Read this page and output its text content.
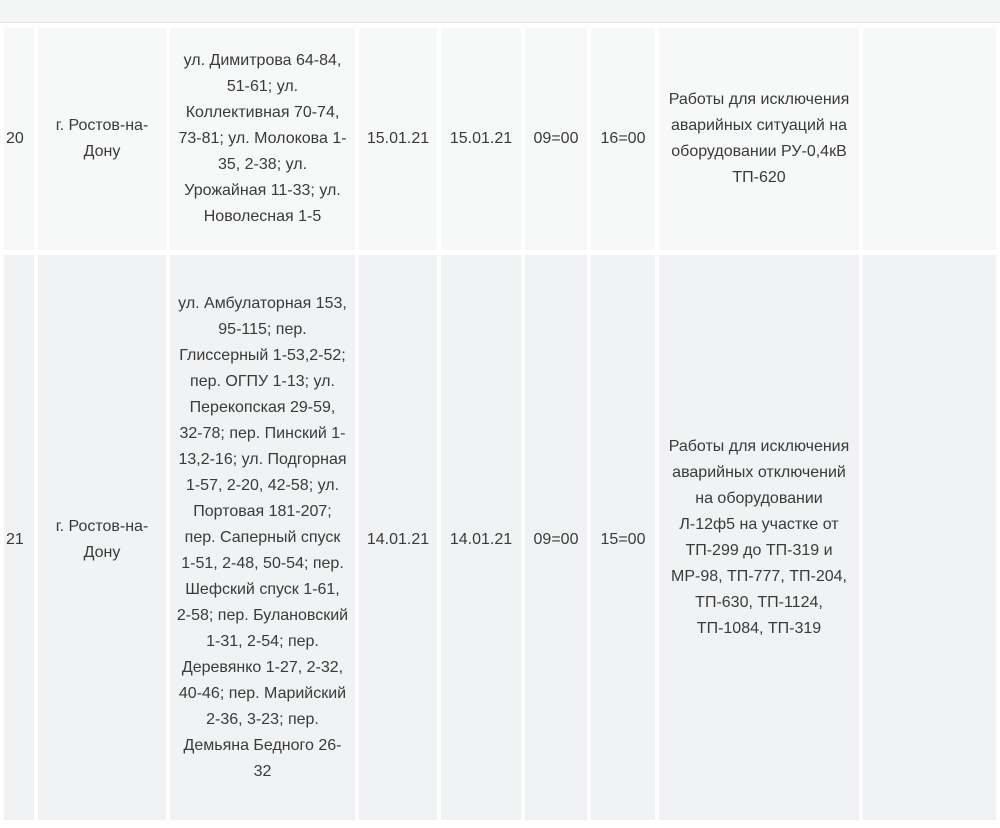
20	г. Ростов-на-Дону	ул. Димитрова 64-84, 51-61; ул. Коллективная 70-74, 73-81; ул. Молокова 1-35, 2-38; ул. Урожайная 11-33; ул. Новолесная 1-5	15.01.21	15.01.21	09=00	16=00	Работы для исключения аварийных ситуаций на оборудовании РУ-0,4кВ ТП-620	
21	г. Ростов-на-Дону	ул. Амбулаторная 153, 95-115; пер. Глиссерный 1-53,2-52; пер. ОГПУ 1-13; ул. Перекопская 29-59, 32-78; пер. Пинский 1-13,2-16; ул. Подгорная 1-57, 2-20, 42-58; ул. Портовая 181-207; пер. Саперный спуск 1-51, 2-48, 50-54; пер. Шефский спуск 1-61, 2-58; пер. Булановский 1-31, 2-54; пер. Деревянко 1-27, 2-32, 40-46; пер. Марийский 2-36, 3-23; пер. Демьяна Бедного 26-32	14.01.21	14.01.21	09=00	15=00	Работы для исключения аварийных отключений на оборудовании Л-12ф5 на участке от ТП-299 до ТП-319 и МР-98, ТП-777, ТП-204, ТП-630, ТП-1124, ТП-1084, ТП-319	
